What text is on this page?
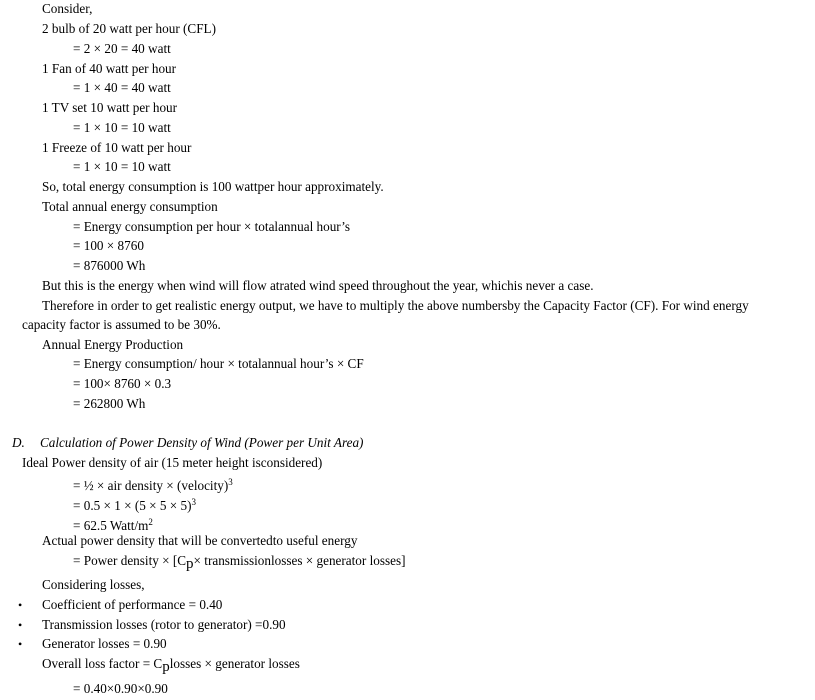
Consider,
2 bulb of 20 watt per hour (CFL)
= 2 × 20 = 40 watt
1 Fan of 40 watt per hour
= 1 × 40 = 40 watt
1 TV set 10 watt per hour
= 1 × 10 = 10 watt
1 Freeze of 10 watt per hour
= 1 × 10 = 10 watt
So, total energy consumption is 100 wattper hour approximately.
Total annual energy consumption
= Energy consumption per hour × totalannual hour’s
= 100 × 8760
= 876000 Wh
But this is the energy when wind will flow atrated wind speed throughout the year, whichis never a case.
Therefore in order to get realistic energy output, we have to multiply the above numbersby the Capacity Factor (CF). For wind energy
capacity factor is assumed to be 30%.
Annual Energy Production
= Energy consumption/ hour × totalannual hour’s × CF
= 100× 8760 × 0.3
= 262800 Wh
D. Calculation of Power Density of Wind (Power per Unit Area)
Ideal Power density of air (15 meter height isconsidered)
= ½ × air density × (velocity)$^3$
= $0.5 \times 1 \times (5 \times 5 \times 5)^3$
= 62.5 Watt/$m^2$
Actual power density that will be convertedto useful energy
= Power density × [$C_p\times$ transmissionlosses × generator losses]
Considering losses,
• Coefficient of performance = 0.40
• Transmission losses (rotor to generator) =0.90
• Generator losses = 0.90
Overall loss factor = $C_plosses$ × generator losses
= 0.40×0.90×0.90
